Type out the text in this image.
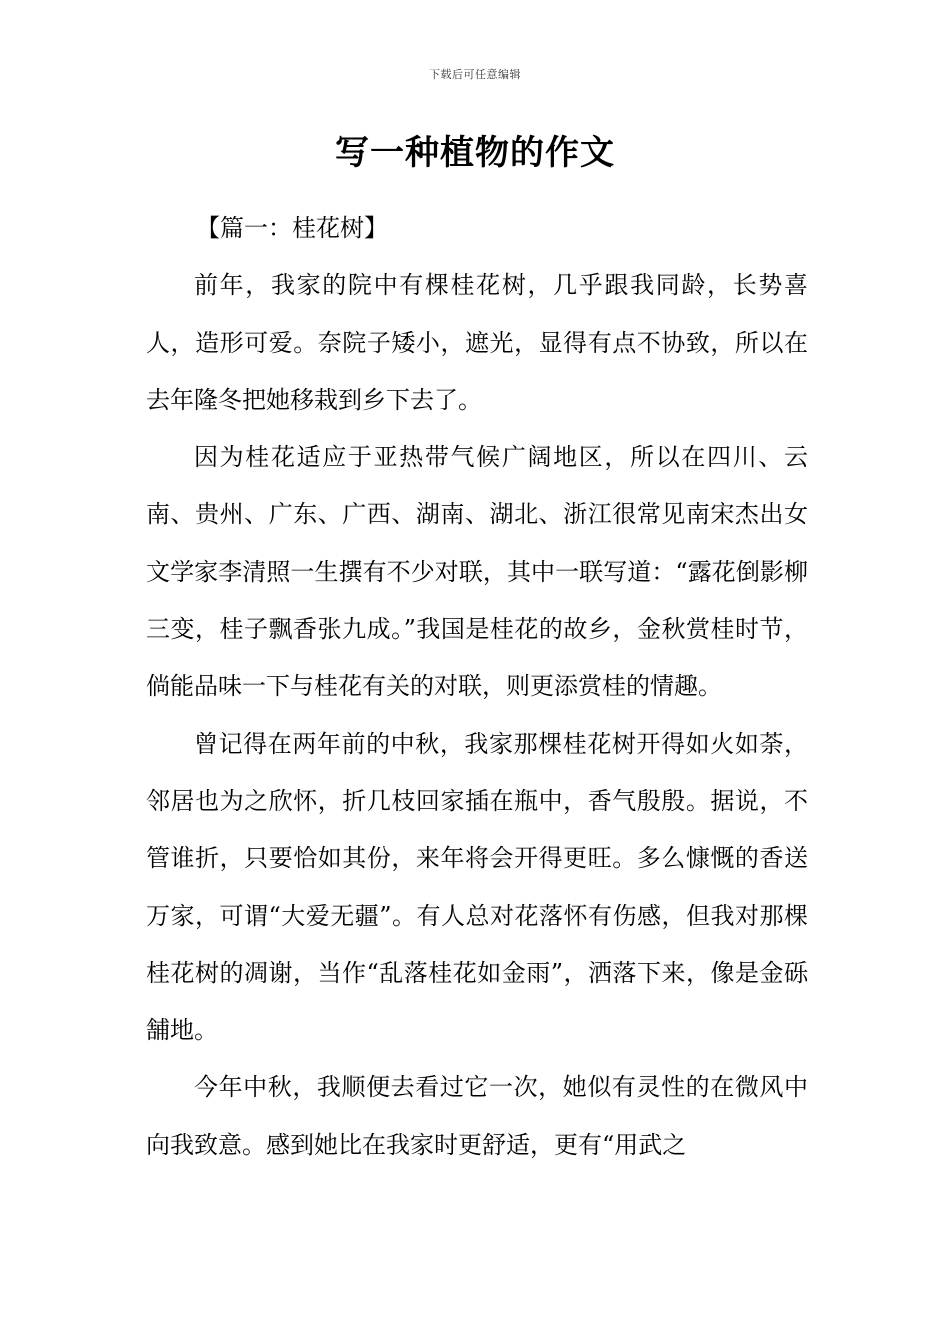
下载后可任意编辑
写一种植物的作文

【篇一：桂花树】

前年，我家的院中有棵桂花树，几乎跟我同龄，长势喜人，造形可爱。奈院子矮小，遮光，显得有点不协致，所以在去年隆冬把她移栽到乡下去了。

因为桂花适应于亚热带气候广阔地区，所以在四川、云南、贵州、广东、广西、湖南、湖北、浙江很常见南宋杰出女文学家李清照一生撰有不少对联，其中一联写道：“露花倒影柳三变，桂子飘香张九成。”我国是桂花的故乡，金秋赏桂时节，倘能品味一下与桂花有关的对联，则更添赏桂的情趣。

曾记得在两年前的中秋，我家那棵桂花树开得如火如荼，邻居也为之欣怀，折几枝回家插在瓶中，香气殷殷。据说，不管谁折，只要恰如其份，来年将会开得更旺。多么慷慨的香送万家，可谓“大爱无疆”。有人总对花落怀有伤感，但我对那棵桂花树的凋谢，当作“乱落桂花如金雨”，洒落下来，像是金砾舗地。

今年中秋，我顺便去看过它一次，她似有灵性的在微风中向我致意。感到她比在我家时更舒适，更有“用武之
